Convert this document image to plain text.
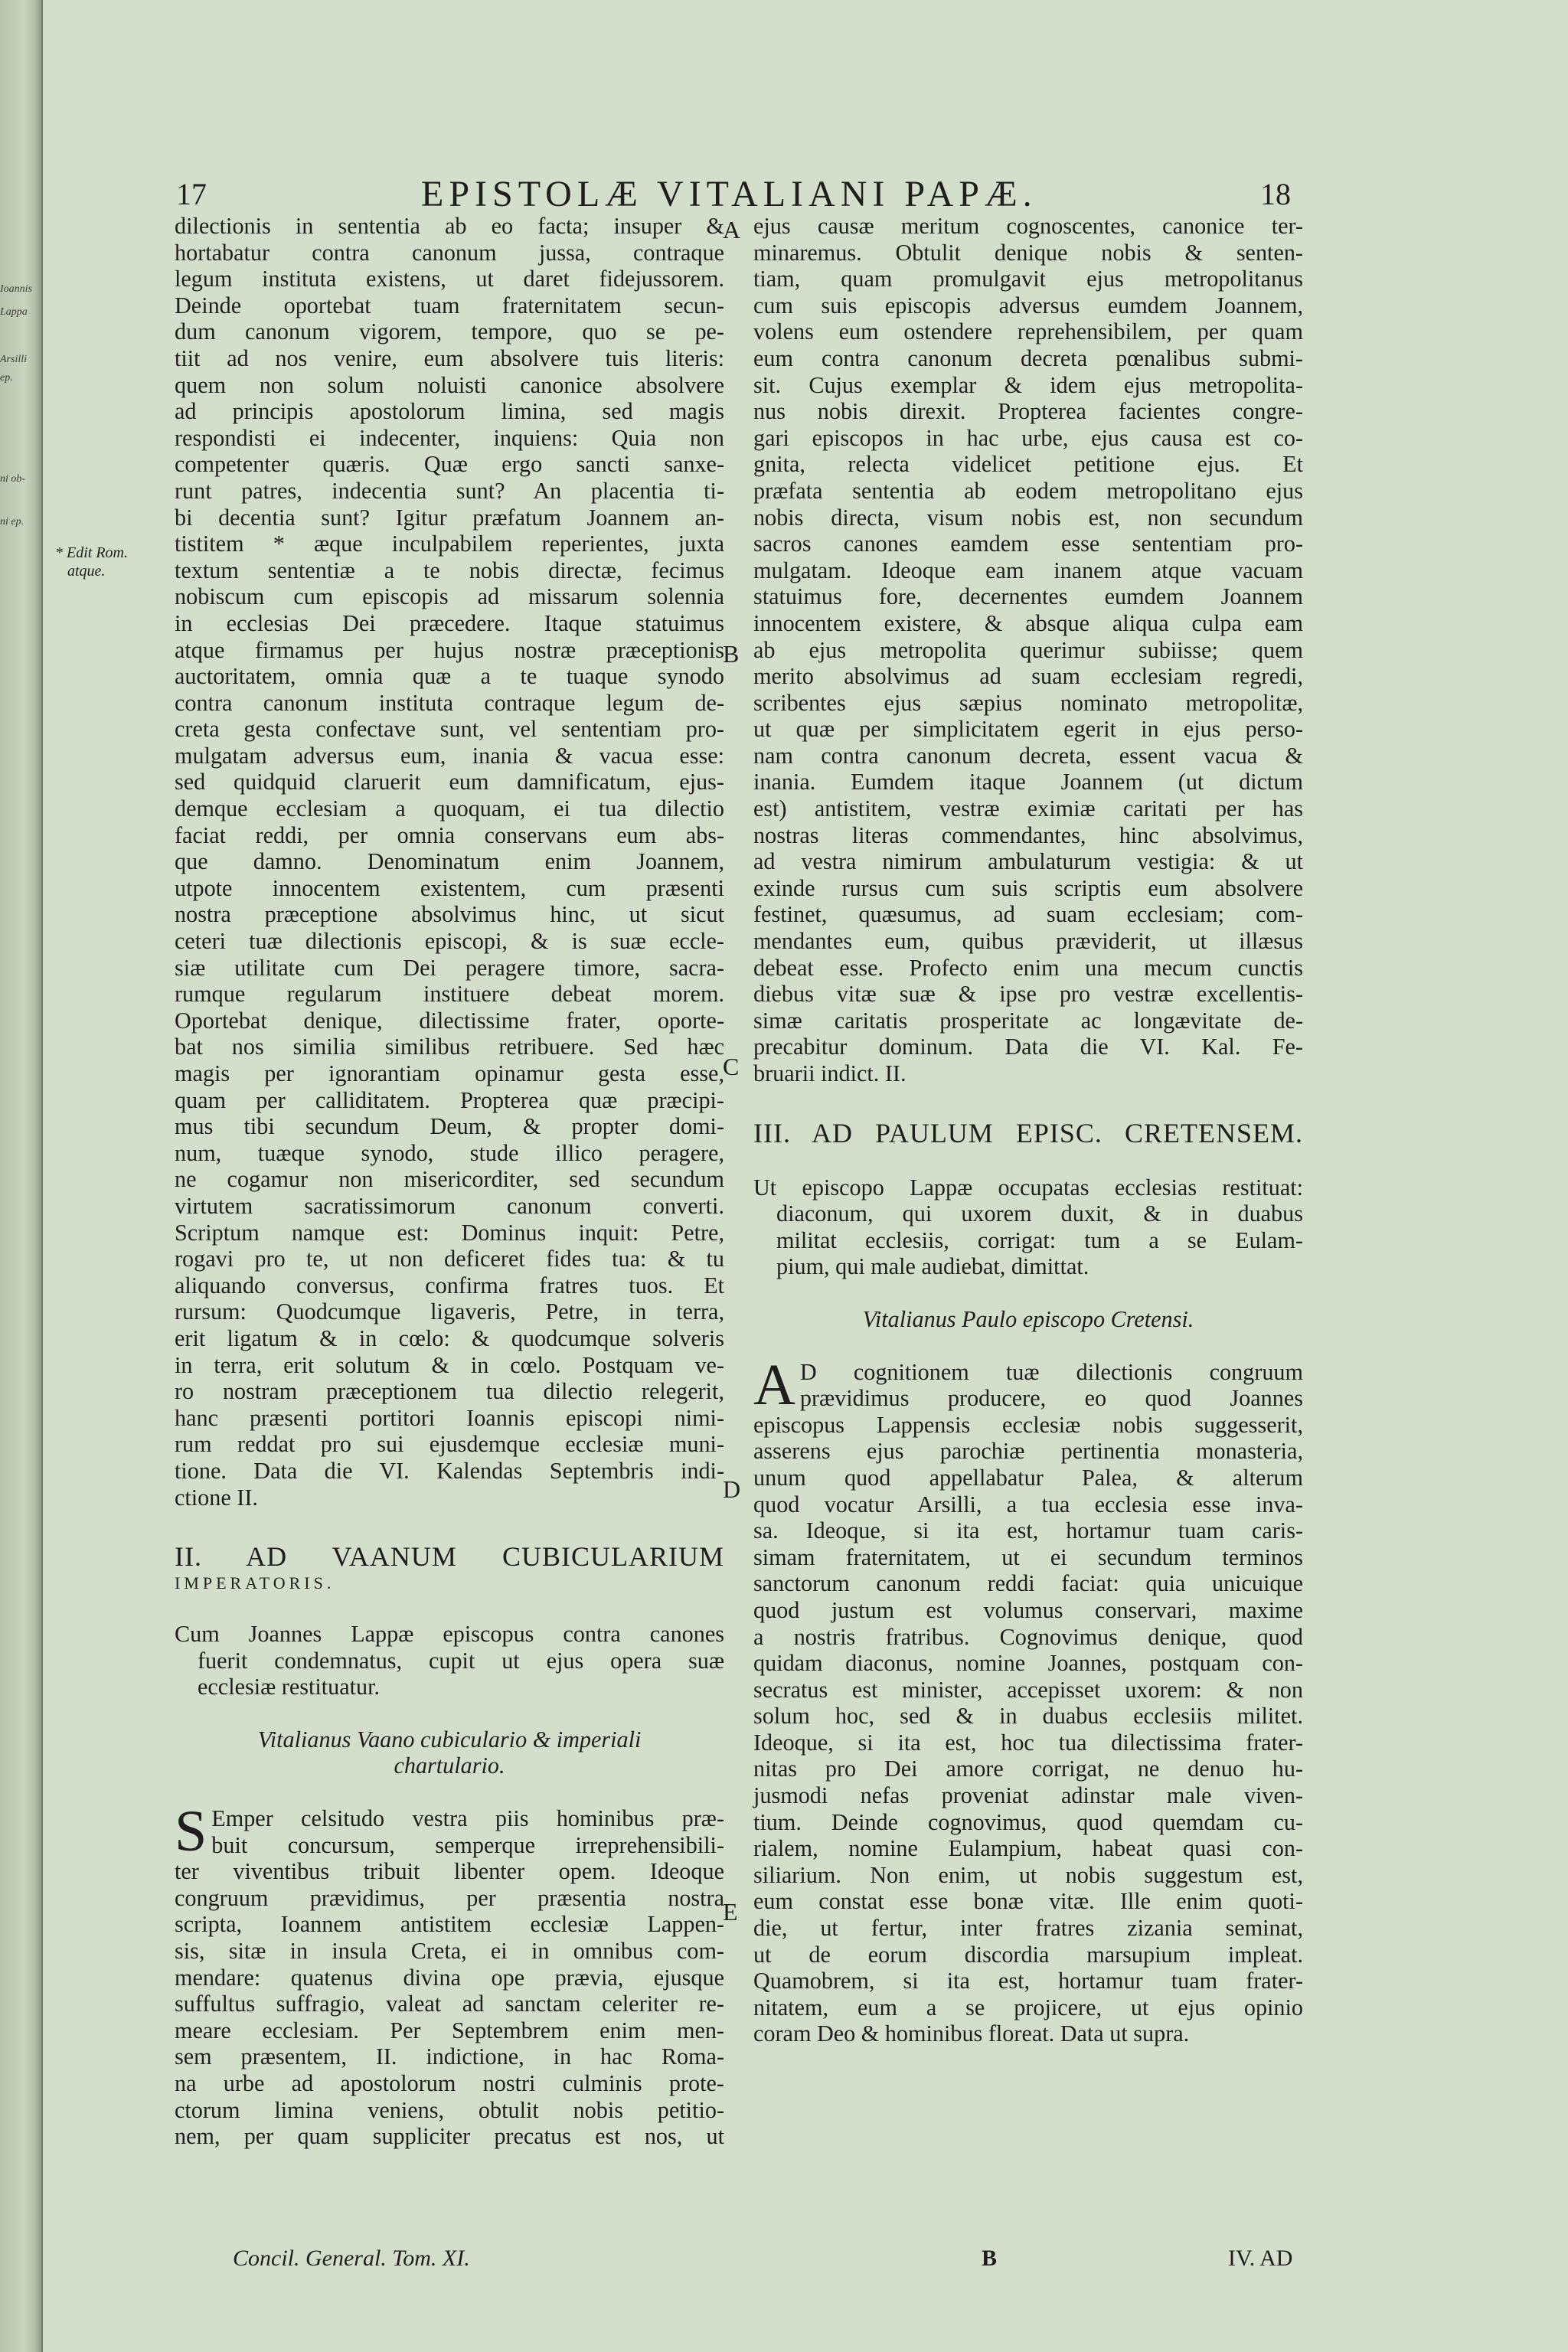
Ioannis
Lappa
Arsilli
ep.
ni ob-
ni ep.
17	EPISTOLÆ VITALIANI PAPÆ.	18
* Edit Rom.
atque.
A
B
C
D
E

dilectionis in sententia ab eo facta; insuper &

hortabatur contra canonum jussa, contraque

legum instituta existens, ut daret fidejussorem.

Deinde oportebat tuam fraternitatem secun-

dum canonum vigorem, tempore, quo se pe-

tiit ad nos venire, eum absolvere tuis literis:

quem non solum noluisti canonice absolvere

ad principis apostolorum limina, sed magis

respondisti ei indecenter, inquiens: Quia non

competenter quæris. Quæ ergo sancti sanxe-

runt patres, indecentia sunt? An placentia ti-

bi decentia sunt? Igitur præfatum Joannem an-

tistitem * æque inculpabilem reperientes, juxta

textum sententiæ a te nobis directæ, fecimus

nobiscum cum episcopis ad missarum solennia

in ecclesias Dei præcedere. Itaque statuimus

atque firmamus per hujus nostræ præceptionis

auctoritatem, omnia quæ a te tuaque synodo

contra canonum instituta contraque legum de-

creta gesta confectave sunt, vel sententiam pro-

mulgatam adversus eum, inania & vacua esse:

sed quidquid claruerit eum damnificatum, ejus-

demque ecclesiam a quoquam, ei tua dilectio

faciat reddi, per omnia conservans eum abs-

que damno. Denominatum enim Joannem,

utpote innocentem existentem, cum præsenti

nostra præceptione absolvimus hinc, ut sicut

ceteri tuæ dilectionis episcopi, & is suæ eccle-

siæ utilitate cum Dei peragere timore, sacra-

rumque regularum instituere debeat morem.

Oportebat denique, dilectissime frater, oporte-

bat nos similia similibus retribuere. Sed hæc

magis per ignorantiam opinamur gesta esse,

quam per calliditatem. Propterea quæ præcipi-

mus tibi secundum Deum, & propter domi-

num, tuæque synodo, stude illico peragere,

ne cogamur non misericorditer, sed secundum

virtutem sacratissimorum canonum converti.

Scriptum namque est: Dominus inquit: Petre,

rogavi pro te, ut non deficeret fides tua: & tu

aliquando conversus, confirma fratres tuos. Et

rursum: Quodcumque ligaveris, Petre, in terra,

erit ligatum & in cœlo: & quodcumque solveris

in terra, erit solutum & in cœlo. Postquam ve-

ro nostram præceptionem tua dilectio relegerit,

hanc præsenti portitori Ioannis episcopi nimi-

rum reddat pro sui ejusdemque ecclesiæ muni-

tione. Data die VI. Kalendas Septembris indi-

ctione II.

II. AD VAANUM CUBICULARIUM

IMPERATORIS.

Cum Joannes Lappæ episcopus contra canones

fuerit condemnatus, cupit ut ejus opera suæ

ecclesiæ restituatur.

Vitalianus Vaano cubiculario & imperiali

chartulario.

S Emper celsitudo vestra piis hominibus præ-

buit concursum, semperque irreprehensibili-

ter viventibus tribuit libenter opem. Ideoque

congruum prævidimus, per præsentia nostra

scripta, Ioannem antistitem ecclesiæ Lappen-

sis, sitæ in insula Creta, ei in omnibus com-

mendare: quatenus divina ope prævia, ejusque

suffultus suffragio, valeat ad sanctam celeriter re-

meare ecclesiam. Per Septembrem enim men-

sem præsentem, II. indictione, in hac Roma-

na urbe ad apostolorum nostri culminis prote-

ctorum limina veniens, obtulit nobis petitio-

nem, per quam suppliciter precatus est nos, ut

ejus causæ meritum cognoscentes, canonice ter-

minaremus. Obtulit denique nobis & senten-

tiam, quam promulgavit ejus metropolitanus

cum suis episcopis adversus eumdem Joannem,

volens eum ostendere reprehensibilem, per quam

eum contra canonum decreta pœnalibus submi-

sit. Cujus exemplar & idem ejus metropolita-

nus nobis direxit. Propterea facientes congre-

gari episcopos in hac urbe, ejus causa est co-

gnita, relecta videlicet petitione ejus. Et

præfata sententia ab eodem metropolitano ejus

nobis directa, visum nobis est, non secundum

sacros canones eamdem esse sententiam pro-

mulgatam. Ideoque eam inanem atque vacuam

statuimus fore, decernentes eumdem Joannem

innocentem existere, & absque aliqua culpa eam

ab ejus metropolita querimur subiisse; quem

merito absolvimus ad suam ecclesiam regredi,

scribentes ejus sæpius nominato metropolitæ,

ut quæ per simplicitatem egerit in ejus perso-

nam contra canonum decreta, essent vacua &

inania. Eumdem itaque Joannem (ut dictum

est) antistitem, vestræ eximiæ caritati per has

nostras literas commendantes, hinc absolvimus,

ad vestra nimirum ambulaturum vestigia: & ut

exinde rursus cum suis scriptis eum absolvere

festinet, quæsumus, ad suam ecclesiam; com-

mendantes eum, quibus præviderit, ut illæsus

debeat esse. Profecto enim una mecum cunctis

diebus vitæ suæ & ipse pro vestræ excellentis-

simæ caritatis prosperitate ac longævitate de-

precabitur dominum. Data die VI. Kal. Fe-

bruarii indict. II.

III. AD PAULUM EPISC. CRETENSEM.

Ut episcopo Lappæ occupatas ecclesias restituat:

diaconum, qui uxorem duxit, & in duabus

militat ecclesiis, corrigat: tum a se Eulam-

pium, qui male audiebat, dimittat.

Vitalianus Paulo episcopo Cretensi.

A D cognitionem tuæ dilectionis congruum

prævidimus producere, eo quod Joannes

episcopus Lappensis ecclesiæ nobis suggesserit,

asserens ejus parochiæ pertinentia monasteria,

unum quod appellabatur Palea, & alterum

quod vocatur Arsilli, a tua ecclesia esse inva-

sa. Ideoque, si ita est, hortamur tuam caris-

simam fraternitatem, ut ei secundum terminos

sanctorum canonum reddi faciat: quia unicuique

quod justum est volumus conservari, maxime

a nostris fratribus. Cognovimus denique, quod

quidam diaconus, nomine Joannes, postquam con-

secratus est minister, accepisset uxorem: & non

solum hoc, sed & in duabus ecclesiis militet.

Ideoque, si ita est, hoc tua dilectissima frater-

nitas pro Dei amore corrigat, ne denuo hu-

jusmodi nefas proveniat adinstar male viven-

tium. Deinde cognovimus, quod quemdam cu-

rialem, nomine Eulampium, habeat quasi con-

siliarium. Non enim, ut nobis suggestum est,

eum constat esse bonæ vitæ. Ille enim quoti-

die, ut fertur, inter fratres zizania seminat,

ut de eorum discordia marsupium impleat.

Quamobrem, si ita est, hortamur tuam frater-

nitatem, eum a se projicere, ut ejus opinio

coram Deo & hominibus floreat. Data ut supra.

Concil. General. Tom. XI.	B	IV. AD
